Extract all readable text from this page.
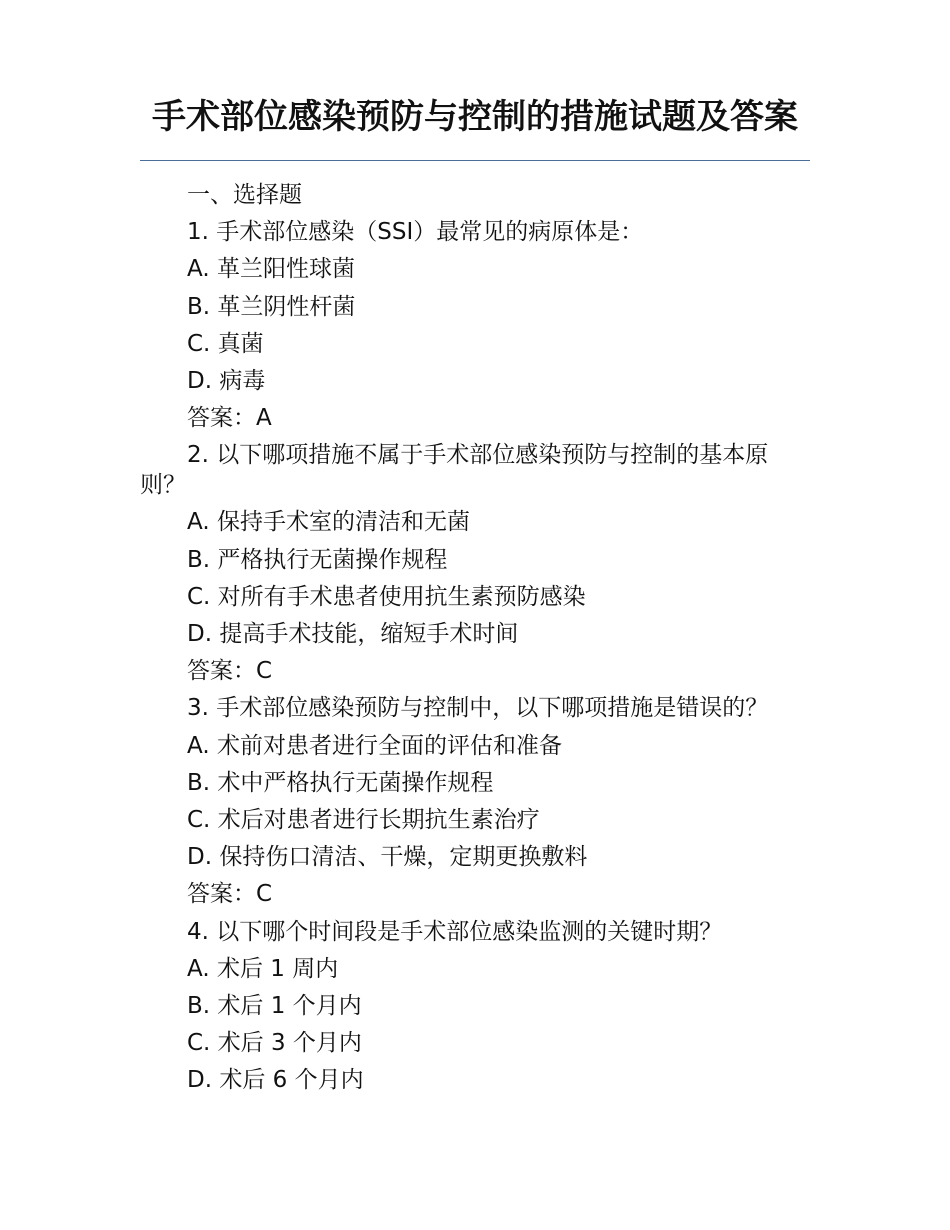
手术部位感染预防与控制的措施试题及答案

一、选择题

1. 手术部位感染（SSI）最常见的病原体是：

A. 革兰阳性球菌

B. 革兰阴性杆菌

C. 真菌

D. 病毒

答案：A

2. 以下哪项措施不属于手术部位感染预防与控制的基本原则？

A. 保持手术室的清洁和无菌

B. 严格执行无菌操作规程

C. 对所有手术患者使用抗生素预防感染

D. 提高手术技能，缩短手术时间

答案：C

3. 手术部位感染预防与控制中，以下哪项措施是错误的？

A. 术前对患者进行全面的评估和准备

B. 术中严格执行无菌操作规程

C. 术后对患者进行长期抗生素治疗

D. 保持伤口清洁、干燥，定期更换敷料

答案：C

4. 以下哪个时间段是手术部位感染监测的关键时期？

A. 术后 1 周内

B. 术后 1 个月内

C. 术后 3 个月内

D. 术后 6 个月内
